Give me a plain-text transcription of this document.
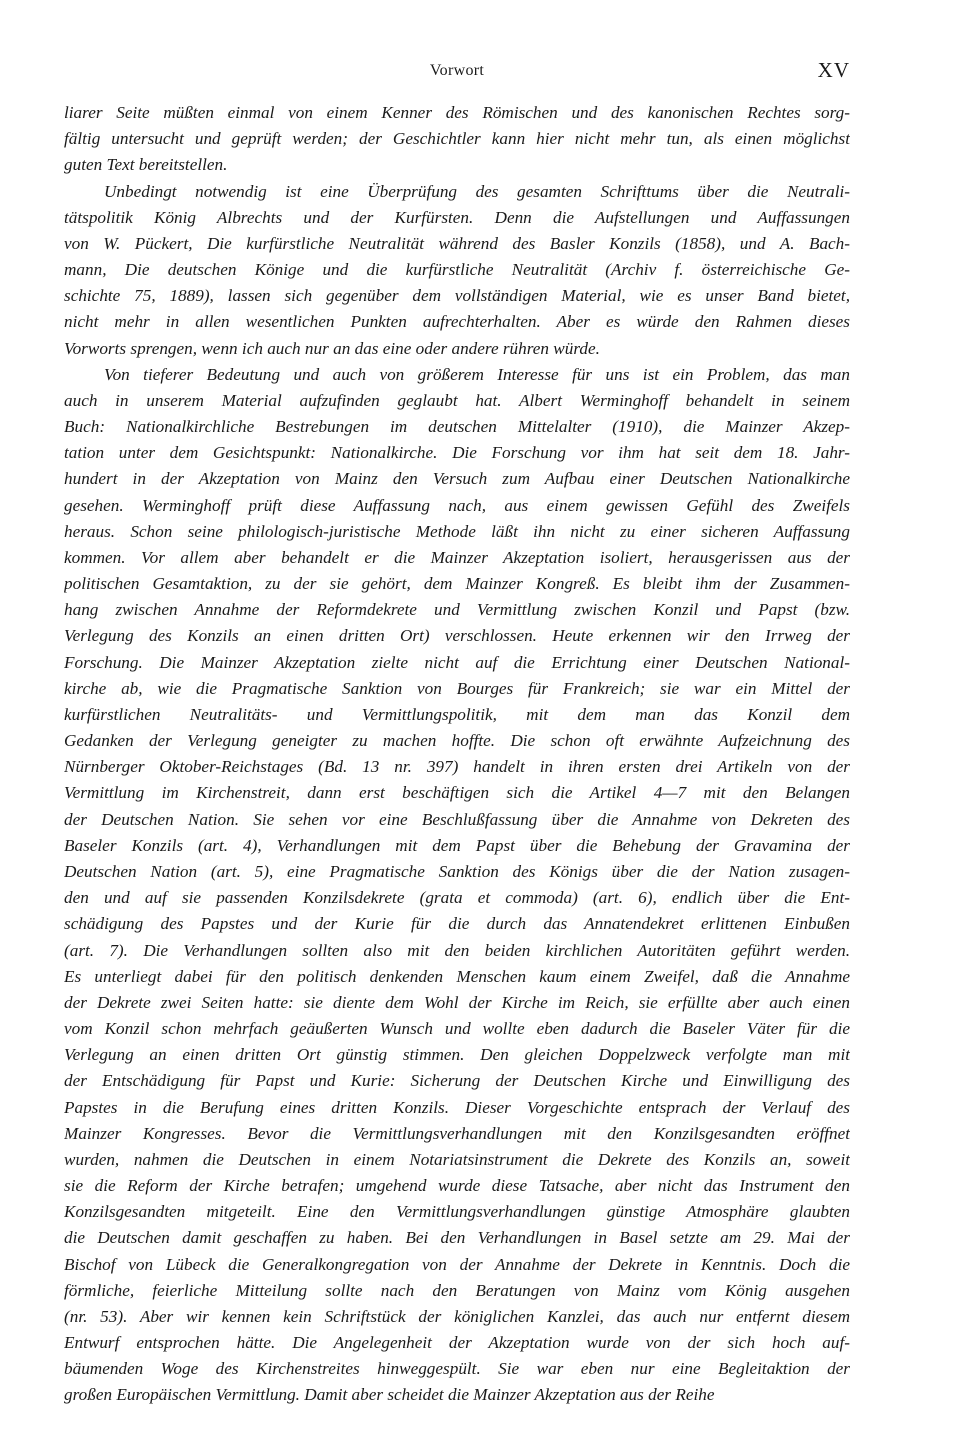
Vorwort	XV
liarer Seite müßten einmal von einem Kenner des Römischen und des kanonischen Rechtes sorg-
fältig untersucht und geprüft werden; der Geschichtler kann hier nicht mehr tun, als einen möglichst
guten Text bereitstellen.
Unbedingt notwendig ist eine Überprüfung des gesamten Schrifttums über die Neutrali-
tätspolitik König Albrechts und der Kurfürsten. Denn die Aufstellungen und Auffassungen
von W. Pückert, Die kurfürstliche Neutralität während des Basler Konzils (1858), und A. Bach-
mann, Die deutschen Könige und die kurfürstliche Neutralität (Archiv f. österreichische Ge-
schichte 75, 1889), lassen sich gegenüber dem vollständigen Material, wie es unser Band bietet,
nicht mehr in allen wesentlichen Punkten aufrechterhalten. Aber es würde den Rahmen dieses
Vorworts sprengen, wenn ich auch nur an das eine oder andere rühren würde.
Von tieferer Bedeutung und auch von größerem Interesse für uns ist ein Problem, das man
auch in unserem Material aufzufinden geglaubt hat. Albert Werminghoff behandelt in seinem
Buch: Nationalkirchliche Bestrebungen im deutschen Mittelalter (1910), die Mainzer Akzep-
tation unter dem Gesichtspunkt: Nationalkirche. Die Forschung vor ihm hat seit dem 18. Jahr-
hundert in der Akzeptation von Mainz den Versuch zum Aufbau einer Deutschen Nationalkirche
gesehen. Werminghoff prüft diese Auffassung nach, aus einem gewissen Gefühl des Zweifels
heraus. Schon seine philologisch-juristische Methode läßt ihn nicht zu einer sicheren Auffassung
kommen. Vor allem aber behandelt er die Mainzer Akzeptation isoliert, herausgerissen aus der
politischen Gesamtaktion, zu der sie gehört, dem Mainzer Kongreß. Es bleibt ihm der Zusammen-
hang zwischen Annahme der Reformdekrete und Vermittlung zwischen Konzil und Papst (bzw.
Verlegung des Konzils an einen dritten Ort) verschlossen. Heute erkennen wir den Irrweg der
Forschung. Die Mainzer Akzeptation zielte nicht auf die Errichtung einer Deutschen National-
kirche ab, wie die Pragmatische Sanktion von Bourges für Frankreich; sie war ein Mittel der
kurfürstlichen Neutralitäts- und Vermittlungspolitik, mit dem man das Konzil dem
Gedanken der Verlegung geneigter zu machen hoffte. Die schon oft erwähnte Aufzeichnung des
Nürnberger Oktober-Reichstages (Bd. 13 nr. 397) handelt in ihren ersten drei Artikeln von der
Vermittlung im Kirchenstreit, dann erst beschäftigen sich die Artikel 4—7 mit den Belangen
der Deutschen Nation. Sie sehen vor eine Beschlußfassung über die Annahme von Dekreten des
Baseler Konzils (art. 4), Verhandlungen mit dem Papst über die Behebung der Gravamina der
Deutschen Nation (art. 5), eine Pragmatische Sanktion des Königs über die der Nation zusagen-
den und auf sie passenden Konzilsdekrete (grata et commoda) (art. 6), endlich über die Ent-
schädigung des Papstes und der Kurie für die durch das Annatendekret erlittenen Einbußen
(art. 7). Die Verhandlungen sollten also mit den beiden kirchlichen Autoritäten geführt werden.
Es unterliegt dabei für den politisch denkenden Menschen kaum einem Zweifel, daß die Annahme
der Dekrete zwei Seiten hatte: sie diente dem Wohl der Kirche im Reich, sie erfüllte aber auch einen
vom Konzil schon mehrfach geäußerten Wunsch und wollte eben dadurch die Baseler Väter für die
Verlegung an einen dritten Ort günstig stimmen. Den gleichen Doppelzweck verfolgte man mit
der Entschädigung für Papst und Kurie: Sicherung der Deutschen Kirche und Einwilligung des
Papstes in die Berufung eines dritten Konzils. Dieser Vorgeschichte entsprach der Verlauf des
Mainzer Kongresses. Bevor die Vermittlungsverhandlungen mit den Konzilsgesandten eröffnet
wurden, nahmen die Deutschen in einem Notariatsinstrument die Dekrete des Konzils an, soweit
sie die Reform der Kirche betrafen; umgehend wurde diese Tatsache, aber nicht das Instrument den
Konzilsgesandten mitgeteilt. Eine den Vermittlungsverhandlungen günstige Atmosphäre glaubten
die Deutschen damit geschaffen zu haben. Bei den Verhandlungen in Basel setzte am 29. Mai der
Bischof von Lübeck die Generalkongregation von der Annahme der Dekrete in Kenntnis. Doch die
förmliche, feierliche Mitteilung sollte nach den Beratungen von Mainz vom König ausgehen
(nr. 53). Aber wir kennen kein Schriftstück der königlichen Kanzlei, das auch nur entfernt diesem
Entwurf entsprochen hätte. Die Angelegenheit der Akzeptation wurde von der sich hoch auf-
bäumenden Woge des Kirchenstreites hinweggespült. Sie war eben nur eine Begleitaktion der
großen Europäischen Vermittlung. Damit aber scheidet die Mainzer Akzeptation aus der Reihe
